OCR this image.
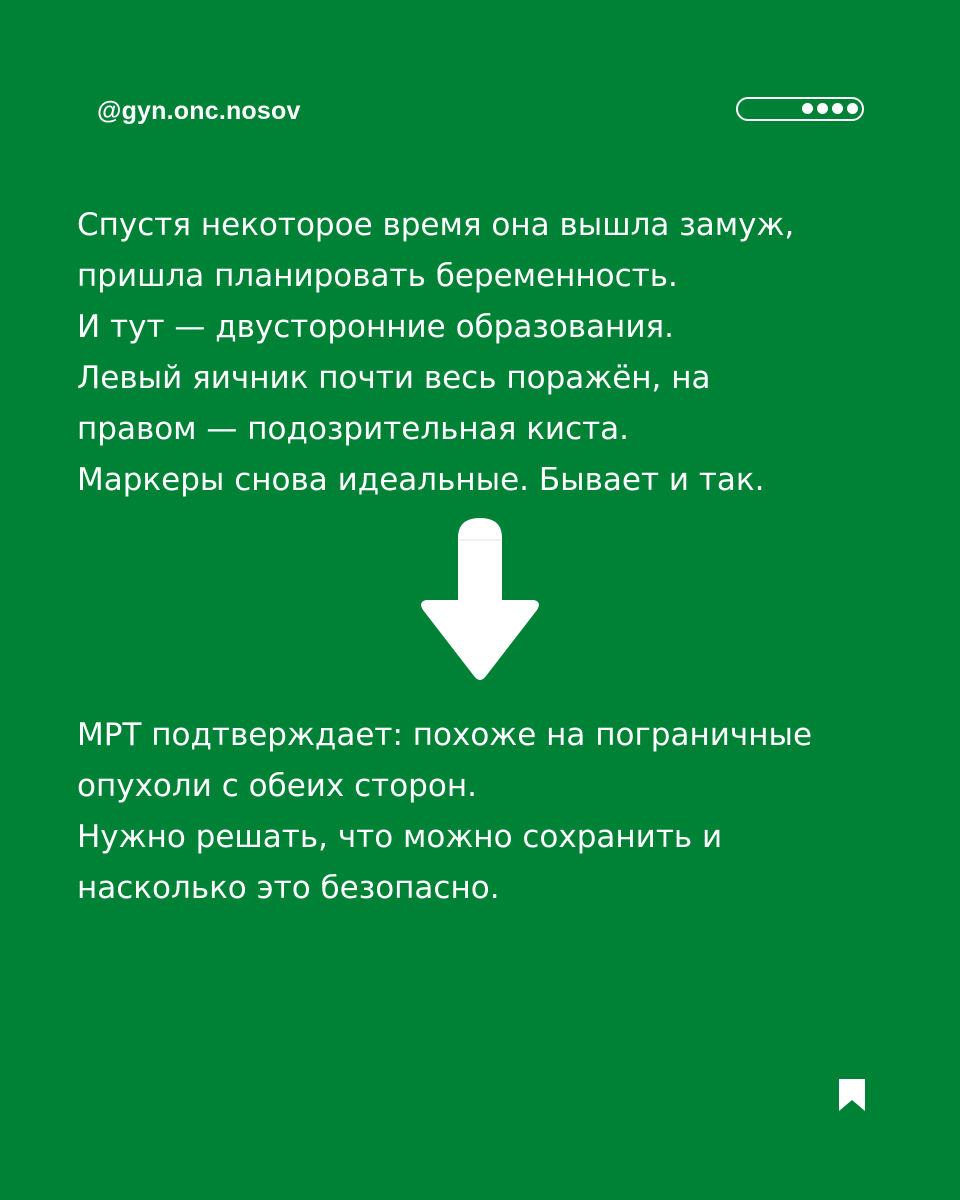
@gyn.onc.nosov

Спустя некоторое время она вышла замуж,

пришла планировать беременность.

И тут — двусторонние образования.

Левый яичник почти весь поражён, на

правом — подозрительная киста.

Маркеры снова идеальные. Бывает и так.

МРТ подтверждает: похоже на пограничные

опухоли с обеих сторон.

Нужно решать, что можно сохранить и

насколько это безопасно.
